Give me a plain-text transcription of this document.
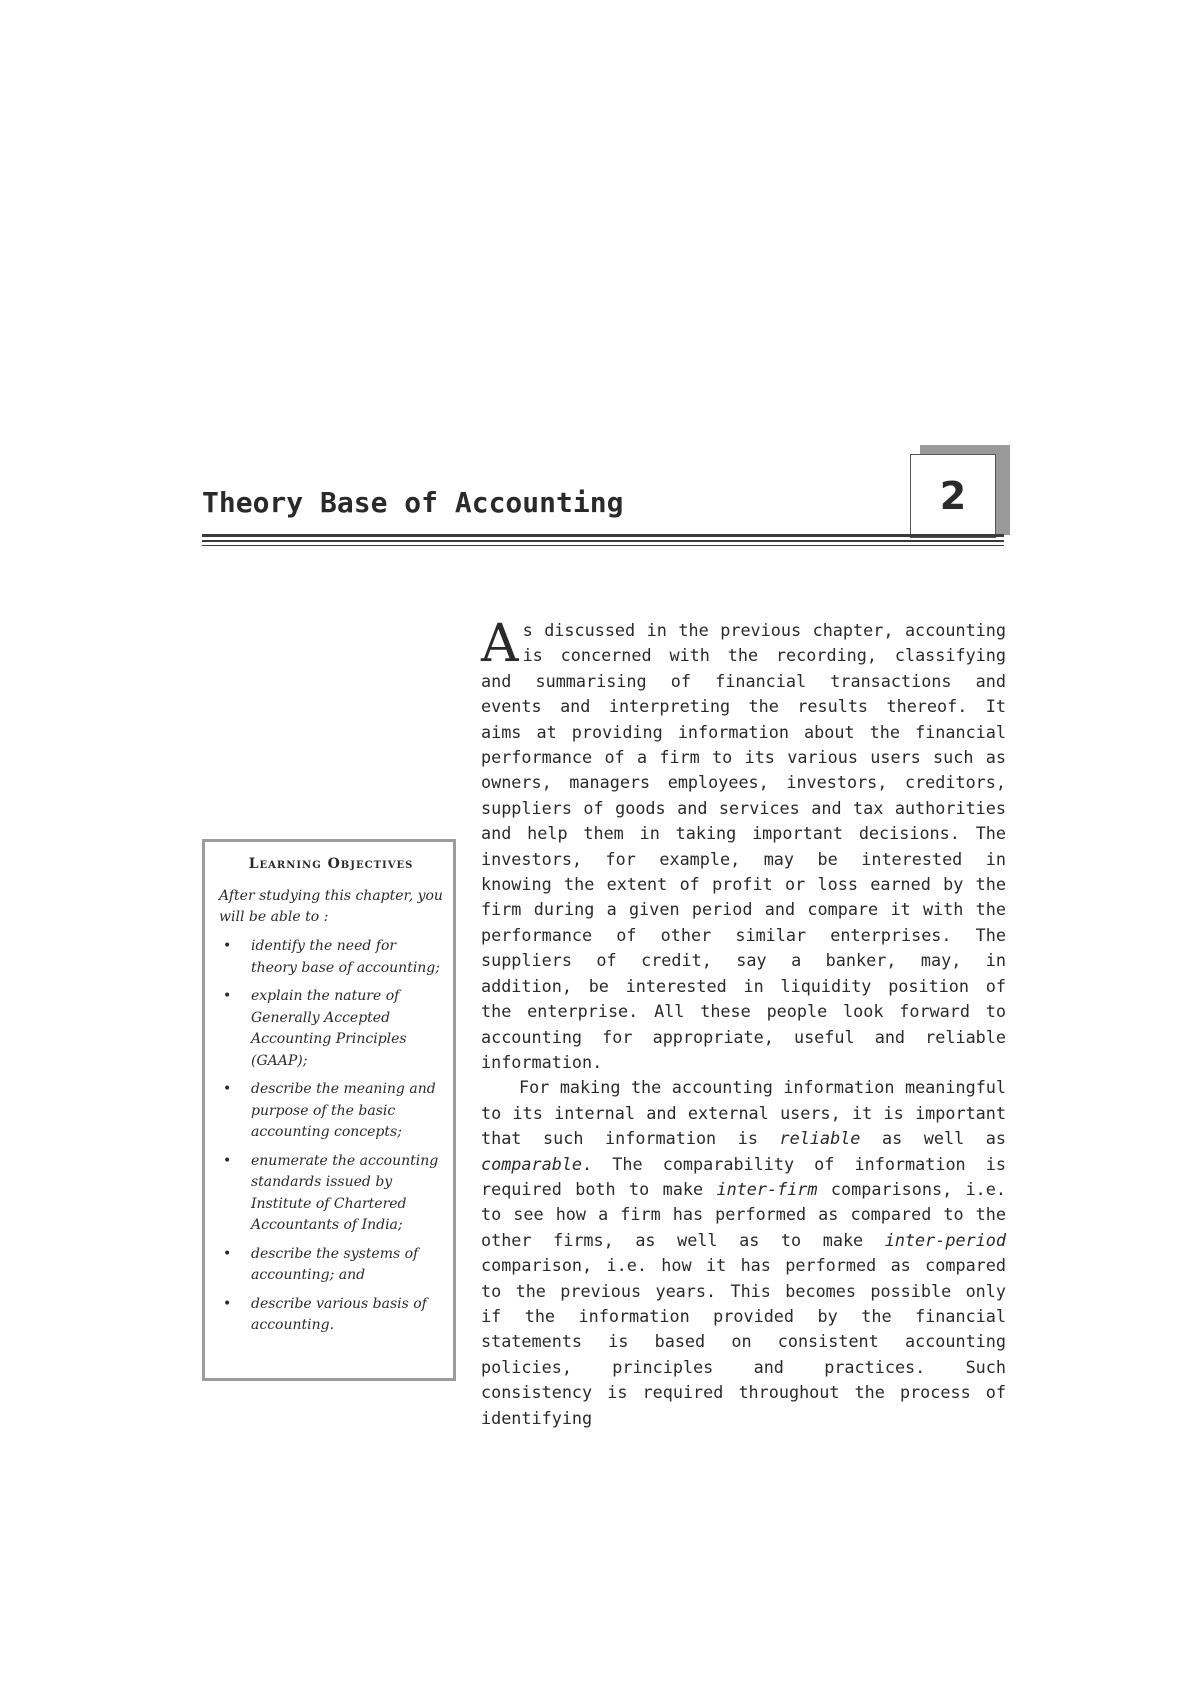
Theory Base of Accounting	2
Learning Objectives
After studying this chapter, you will be able to :
• identify the need for theory base of accounting;
• explain the nature of Generally Accepted Accounting Principles (GAAP);
• describe the meaning and purpose of the basic accounting concepts;
• enumerate the accounting standards issued by Institute of Chartered Accountants of India;
• describe the systems of accounting; and
• describe various basis of accounting.

As discussed in the previous chapter, accounting is concerned with the recording, classifying and summarising of financial transactions and events and interpreting the results thereof. It aims at providing information about the financial performance of a firm to its various users such as owners, managers employees, investors, creditors, suppliers of goods and services and tax authorities and help them in taking important decisions. The investors, for example, may be interested in knowing the extent of profit or loss earned by the firm during a given period and compare it with the performance of other similar enterprises. The suppliers of credit, say a banker, may, in addition, be interested in liquidity position of the enterprise. All these people look forward to accounting for appropriate, useful and reliable information.

For making the accounting information meaningful to its internal and external users, it is important that such information is reliable as well as comparable. The comparability of information is required both to make inter-firm comparisons, i.e. to see how a firm has performed as compared to the other firms, as well as to make inter-period comparison, i.e. how it has performed as compared to the previous years. This becomes possible only if the information provided by the financial statements is based on consistent accounting policies, principles and practices. Such consistency is required throughout the process of identifying
